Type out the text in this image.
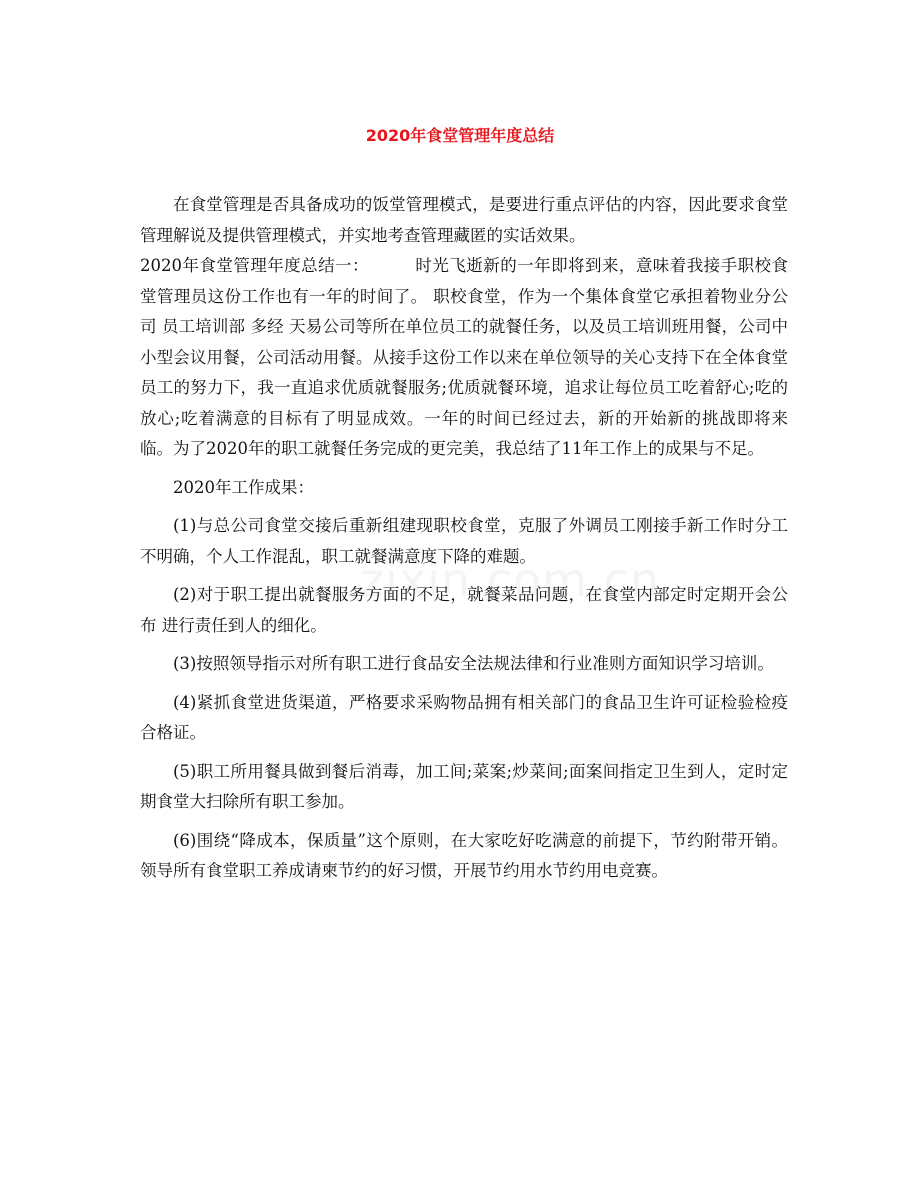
2020年食堂管理年度总结

在食堂管理是否具备成功的饭堂管理模式，是要进行重点评估的内容，因此要求食堂管理解说及提供管理模式，并实地考查管理藏匿的实话效果。

2020年食堂管理年度总结一：	时光飞逝新的一年即将到来，意味着我接手职校食堂管理员这份工作也有一年的时间了。 职校食堂，作为一个集体食堂它承担着物业分公司 员工培训部 多经 天易公司等所在单位员工的就餐任务，以及员工培训班用餐，公司中小型会议用餐，公司活动用餐。从接手这份工作以来在单位领导的关心支持下在全体食堂员工的努力下，我一直追求优质就餐服务;优质就餐环境，追求让每位员工吃着舒心;吃的放心;吃着满意的目标有了明显成效。一年的时间已经过去，新的开始新的挑战即将来临。为了2020年的职工就餐任务完成的更完美，我总结了11年工作上的成果与不足。

2020年工作成果：

(1)与总公司食堂交接后重新组建现职校食堂，克服了外调员工刚接手新工作时分工不明确，个人工作混乱，职工就餐满意度下降的难题。

(2)对于职工提出就餐服务方面的不足，就餐菜品问题，在食堂内部定时定期开会公布 进行责任到人的细化。

(3)按照领导指示对所有职工进行食品安全法规法律和行业准则方面知识学习培训。

(4)紧抓食堂进货渠道，严格要求采购物品拥有相关部门的食品卫生许可证检验检疫合格证。

(5)职工所用餐具做到餐后消毒，加工间;菜案;炒菜间;面案间指定卫生到人，定时定期食堂大扫除所有职工参加。

(6)围绕“降成本，保质量”这个原则，在大家吃好吃满意的前提下，节约附带开销。领导所有食堂职工养成请柬节约的好习惯，开展节约用水节约用电竞赛。
